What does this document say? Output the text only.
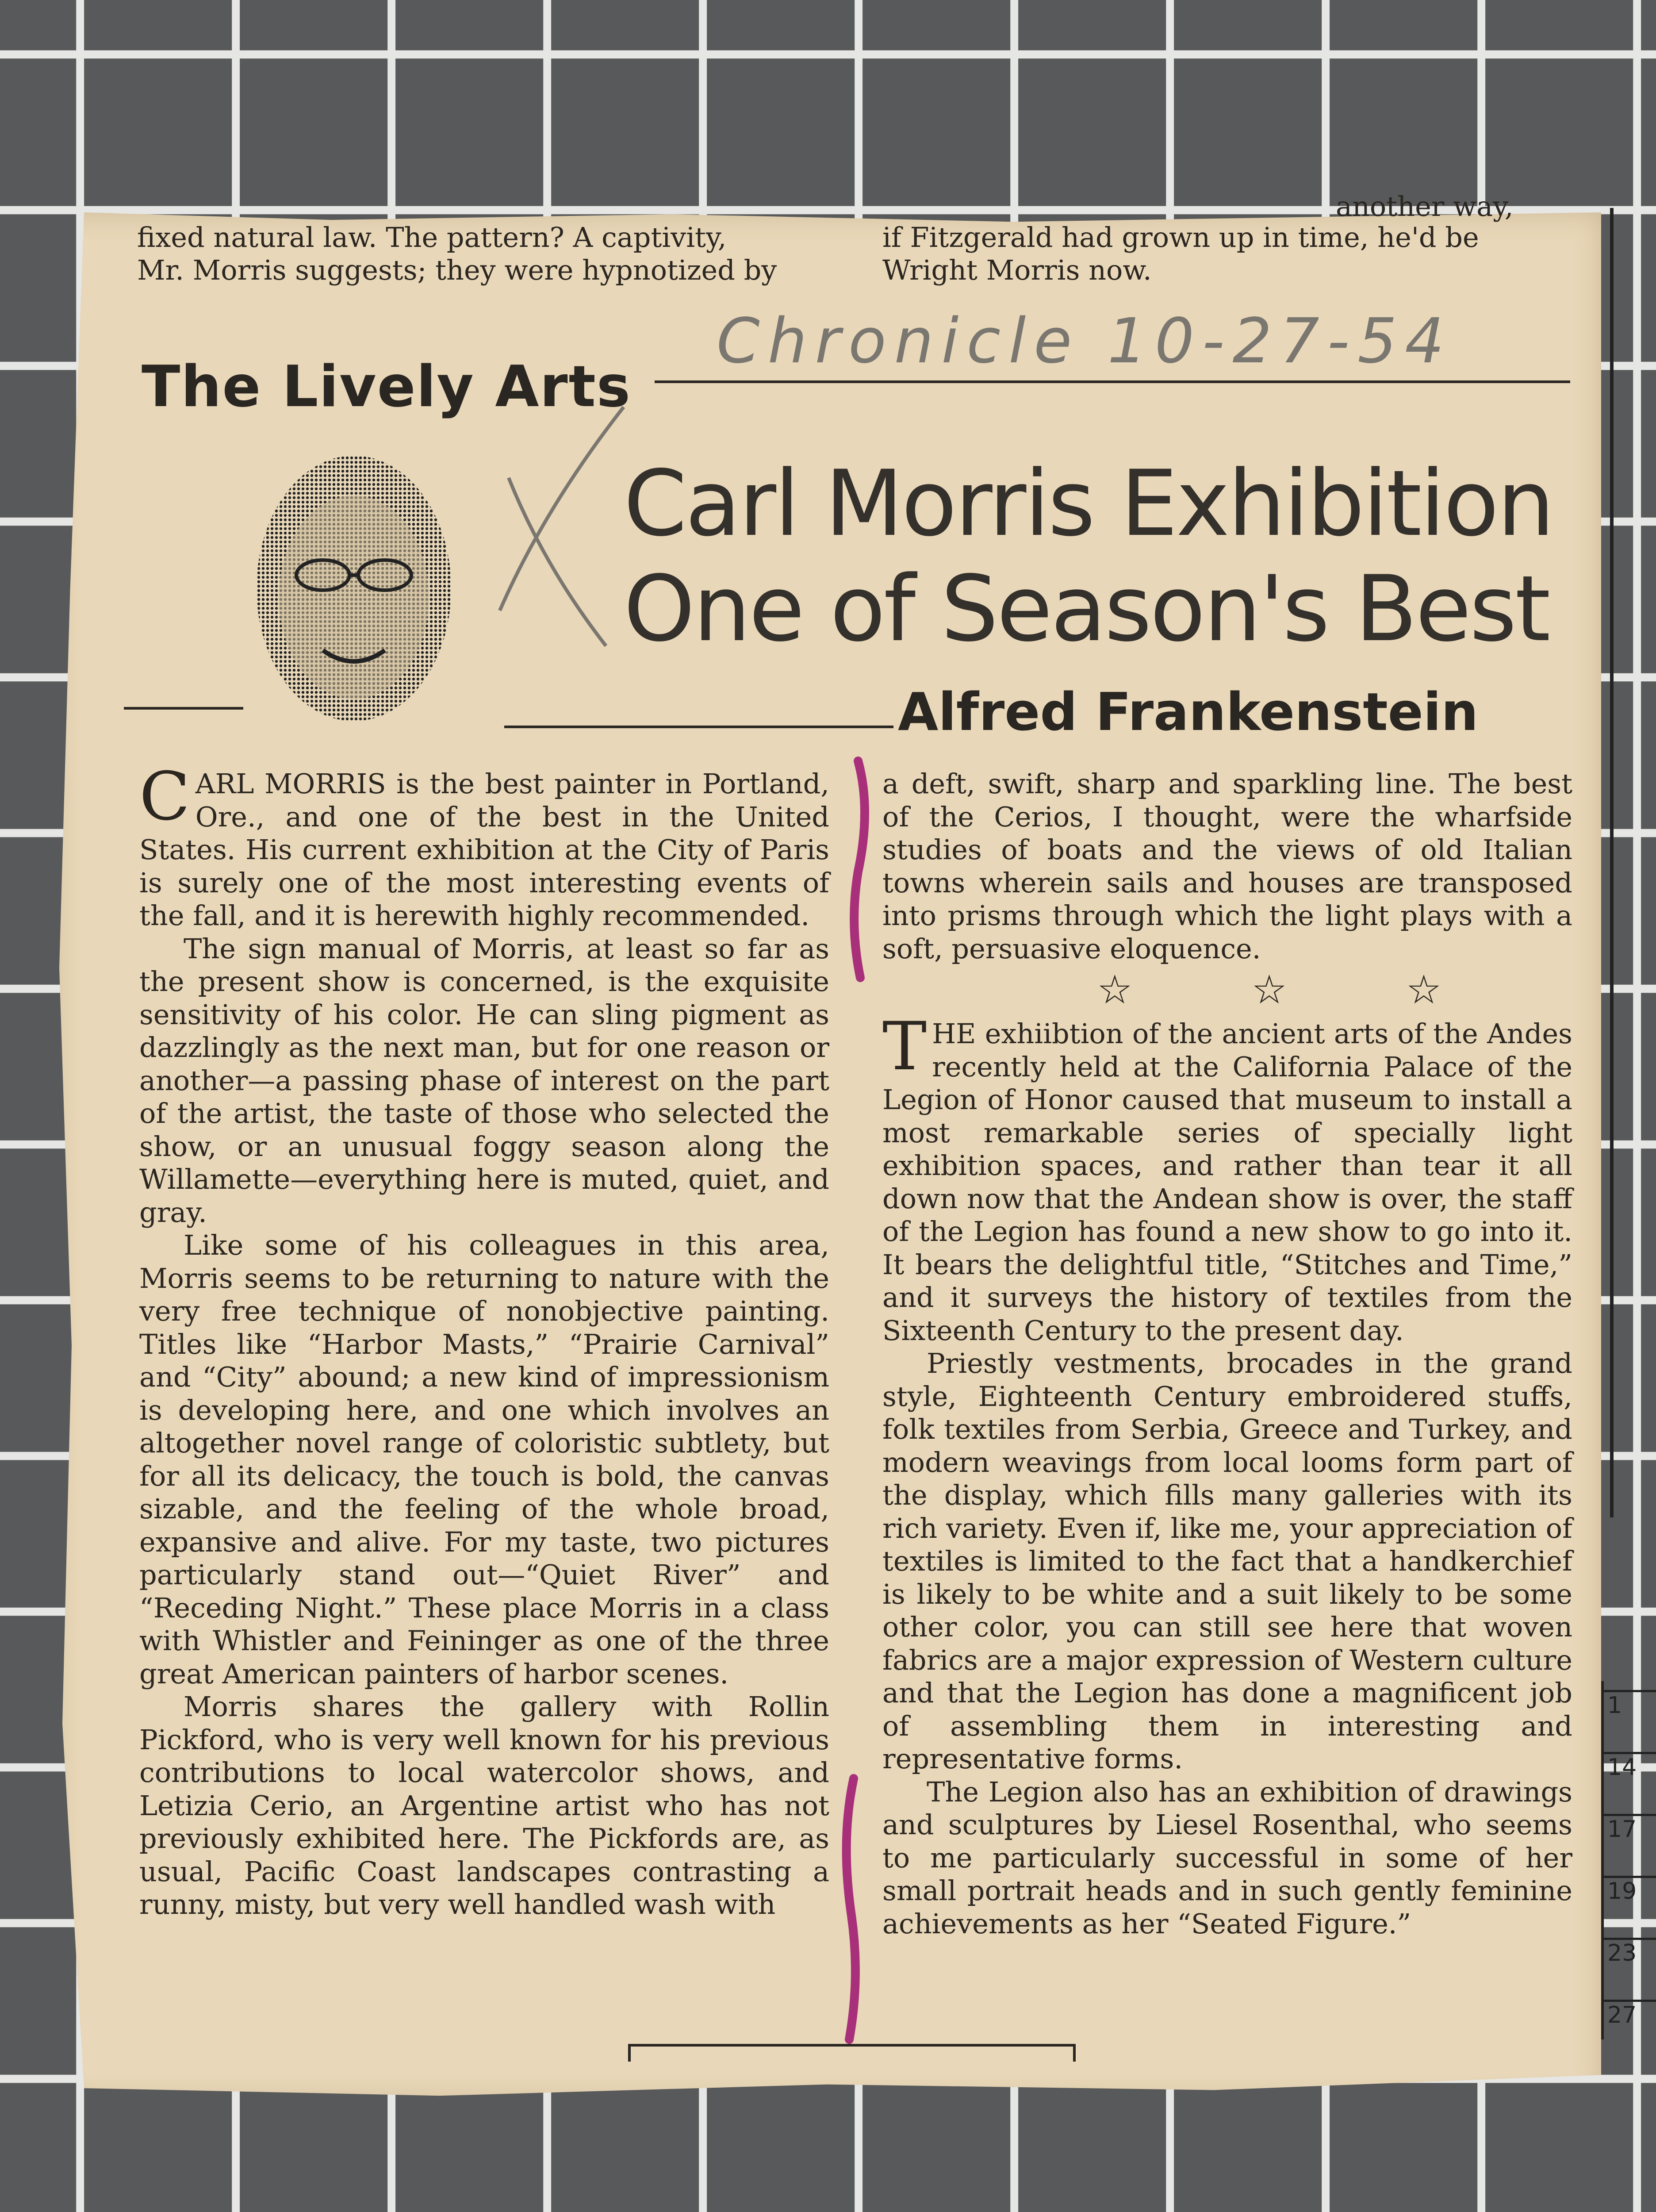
fixed natural law. The pattern? A captivity,
Mr. Morris suggests; they were hypnotized by
another way,
if Fitzgerald had grown up in time, he'd be
Wright Morris now.
Chronicle 10-27-54
The Lively Arts
Carl Morris Exhibition
One of Season's Best
Alfred Frankenstein

CARL MORRIS is the best painter in Portland, Ore., and one of the best in the United States. His current exhibition at the City of Paris is surely one of the most interesting events of the fall, and it is herewith highly recommended.

The sign manual of Morris, at least so far as the present show is concerned, is the exquisite sensitivity of his color. He can sling pigment as dazzlingly as the next man, but for one reason or another—a passing phase of interest on the part of the artist, the taste of those who selected the show, or an unusual foggy season along the Willamette—everything here is muted, quiet, and gray.

Like some of his colleagues in this area, Morris seems to be returning to nature with the very free technique of nonobjective painting. Titles like “Harbor Masts,” “Prairie Carnival” and “City” abound; a new kind of impressionism is developing here, and one which involves an altogether novel range of coloristic subtlety, but for all its delicacy, the touch is bold, the canvas sizable, and the feeling of the whole broad, expansive and alive. For my taste, two pictures particularly stand out—“Quiet River” and “Receding Night.” These place Morris in a class with Whistler and Feininger as one of the three great American painters of harbor scenes.

Morris shares the gallery with Rollin Pickford, who is very well known for his previous contributions to local watercolor shows, and Letizia Cerio, an Argentine artist who has not previously exhibited here. The Pickfords are, as usual, Pacific Coast landscapes contrasting a runny, misty, but very well handled wash with

a deft, swift, sharp and sparkling line. The best of the Cerios, I thought, were the wharfside studies of boats and the views of old Italian towns wherein sails and houses are transposed into prisms through which the light plays with a soft, persuasive eloquence.

☆ ☆ ☆

THE exhiibtion of the ancient arts of the Andes recently held at the California Palace of the Legion of Honor caused that museum to install a most remarkable series of specially light exhibition spaces, and rather than tear it all down now that the Andean show is over, the staff of the Legion has found a new show to go into it. It bears the delightful title, “Stitches and Time,” and it surveys the history of textiles from the Sixteenth Century to the present day.

Priestly vestments, brocades in the grand style, Eighteenth Century embroidered stuffs, folk textiles from Serbia, Greece and Turkey, and modern weavings from local looms form part of the display, which fills many galleries with its rich variety. Even if, like me, your appreciation of textiles is limited to the fact that a handkerchief is likely to be white and a suit likely to be some other color, you can still see here that woven fabrics are a major expression of Western culture and that the Legion has done a magnificent job of assembling them in interesting and representative forms.

The Legion also has an exhibition of drawings and sculptures by Liesel Rosenthal, who seems to me particularly successful in some of her small portrait heads and in such gently feminine achievements as her “Seated Figure.”

1
14
17
19
23
27
